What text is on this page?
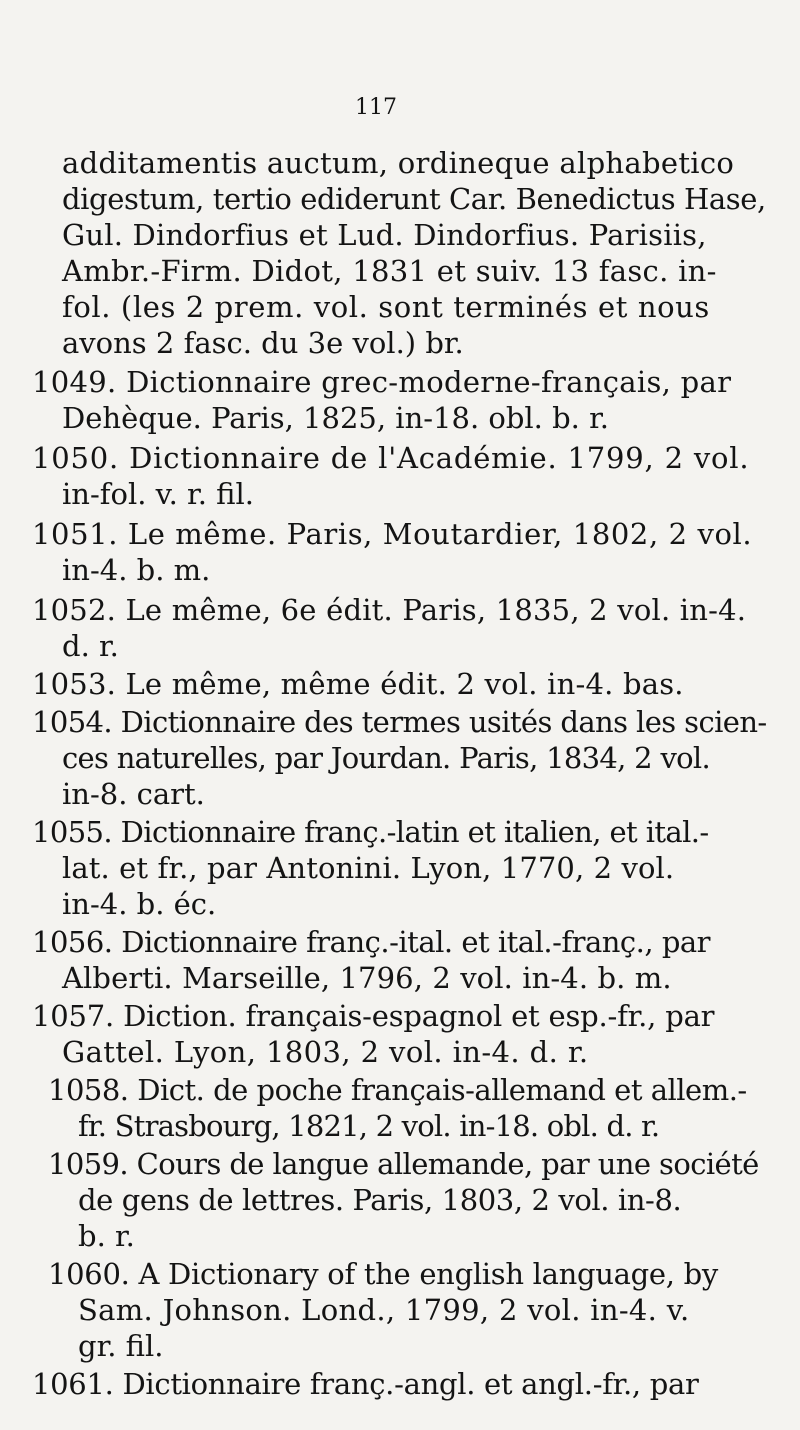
117
additamentis auctum, ordineque alphabetico
digestum, tertio ediderunt Car. Benedictus Hase,
Gul. Dindorfius et Lud. Dindorfius. Parisiis,
Ambr.-Firm. Didot, 1831 et suiv. 13 fasc. in-
fol. (les 2 prem. vol. sont terminés et nous
avons 2 fasc. du 3e vol.) br.
1049. Dictionnaire grec-moderne-français, par
Dehèque. Paris, 1825, in-18. obl. b. r.
1050. Dictionnaire de l'Académie. 1799, 2 vol.
in-fol. v. r. fil.
1051. Le même. Paris, Moutardier, 1802, 2 vol.
in-4. b. m.
1052. Le même, 6e édit. Paris, 1835, 2 vol. in-4.
d. r.
1053. Le même, même édit. 2 vol. in-4. bas.
1054. Dictionnaire des termes usités dans les scien-
ces naturelles, par Jourdan. Paris, 1834, 2 vol.
in-8. cart.
1055. Dictionnaire franç.-latin et italien, et ital.-
lat. et fr., par Antonini. Lyon, 1770, 2 vol.
in-4. b. éc.
1056. Dictionnaire franç.-ital. et ital.-franç., par
Alberti. Marseille, 1796, 2 vol. in-4. b. m.
1057. Diction. français-espagnol et esp.-fr., par
Gattel. Lyon, 1803, 2 vol. in-4. d. r.
1058. Dict. de poche français-allemand et allem.-
fr. Strasbourg, 1821, 2 vol. in-18. obl. d. r.
1059. Cours de langue allemande, par une société
de gens de lettres. Paris, 1803, 2 vol. in-8.
b. r.
1060. A Dictionary of the english language, by
Sam. Johnson. Lond., 1799, 2 vol. in-4. v.
gr. fil.
1061. Dictionnaire franç.-angl. et angl.-fr., par
